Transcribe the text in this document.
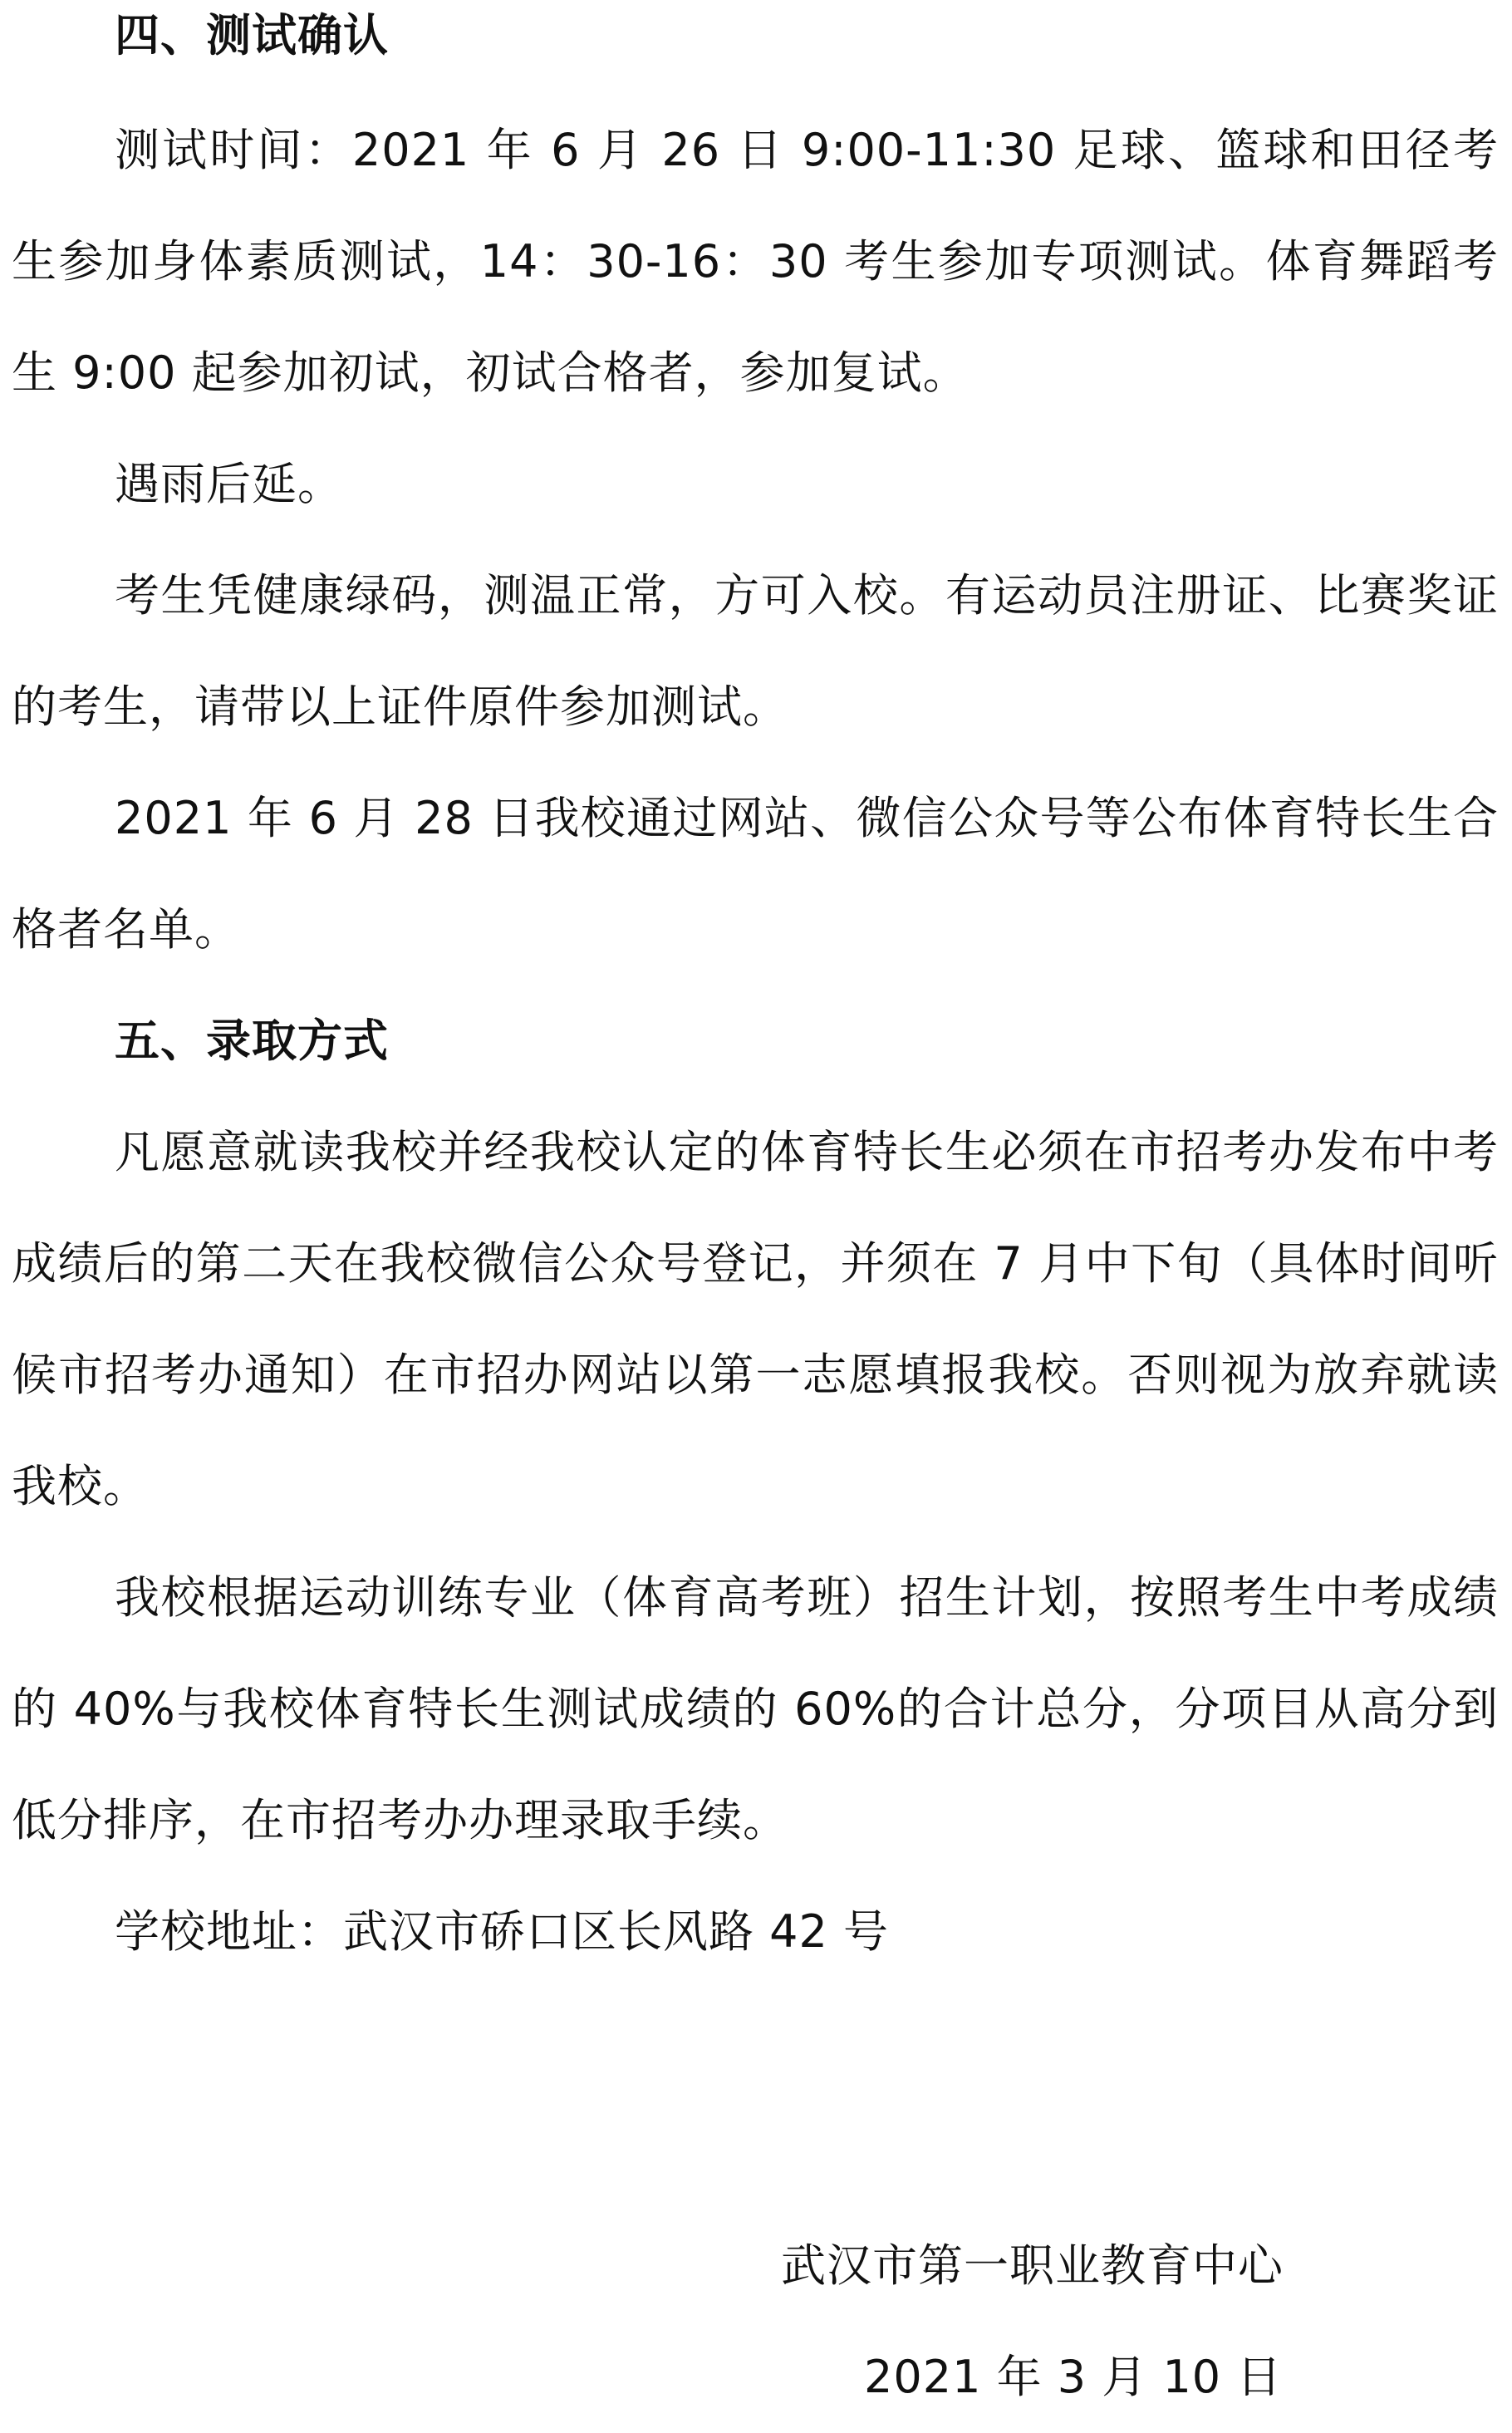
四、测试确认

测试时间：2021 年 6 月 26 日 9:00-11:30 足球、篮球和田径考生参加身体素质测试，14：30-16：30 考生参加专项测试。体育舞蹈考生 9:00 起参加初试，初试合格者，参加复试。

遇雨后延。

考生凭健康绿码，测温正常，方可入校。有运动员注册证、比赛奖证的考生，请带以上证件原件参加测试。

2021 年 6 月 28 日我校通过网站、微信公众号等公布体育特长生合格者名单。

五、录取方式

凡愿意就读我校并经我校认定的体育特长生必须在市招考办发布中考成绩后的第二天在我校微信公众号登记，并须在 7 月中下旬（具体时间听候市招考办通知）在市招办网站以第一志愿填报我校。否则视为放弃就读我校。

我校根据运动训练专业（体育高考班）招生计划，按照考生中考成绩的 40%与我校体育特长生测试成绩的 60%的合计总分，分项目从高分到低分排序，在市招考办办理录取手续。

学校地址：武汉市硚口区长风路 42 号

武汉市第一职业教育中心

2021 年 3 月 10 日
